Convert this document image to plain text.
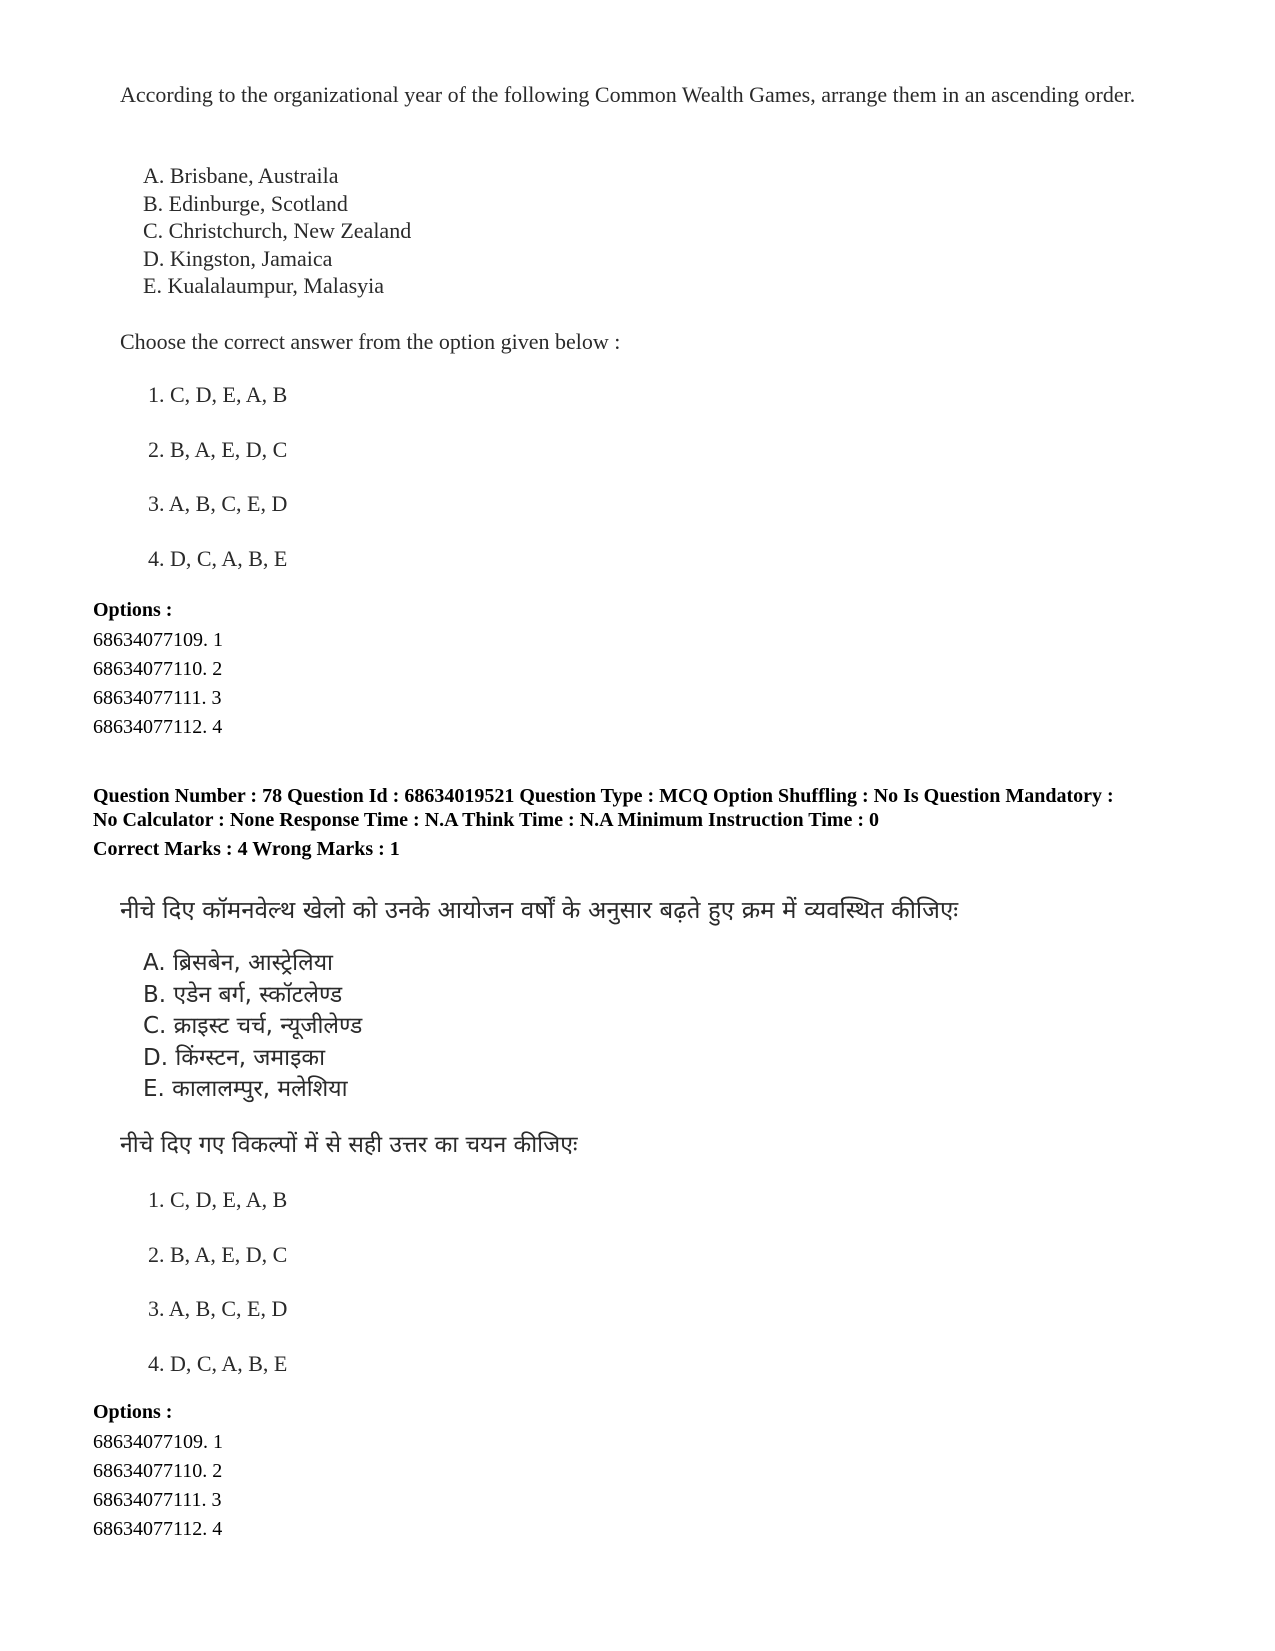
According to the organizational year of the following Common Wealth Games, arrange them in an ascending order.
A. Brisbane, Austraila
B. Edinburge, Scotland
C. Christchurch, New Zealand
D. Kingston, Jamaica
E. Kualalaumpur, Malasyia
Choose the correct answer from the option given below :
1. C, D, E, A, B
2. B, A, E, D, C
3. A, B, C, E, D
4. D, C, A, B, E
Options :
68634077109. 1
68634077110. 2
68634077111. 3
68634077112. 4
Question Number : 78 Question Id : 68634019521 Question Type : MCQ Option Shuffling : No Is Question Mandatory :
No Calculator : None Response Time : N.A Think Time : N.A Minimum Instruction Time : 0
Correct Marks : 4 Wrong Marks : 1
नीचे दिए कॉमनवेल्थ खेलो को उनके आयोजन वर्षों के अनुसार बढ़ते हुए क्रम में व्यवस्थित कीजिएः
A. ब्रिसबेन, आस्ट्रेलिया
B. एडेन बर्ग, स्कॉटलेण्ड
C. क्राइस्ट चर्च, न्यूजीलेण्ड
D. किंग्स्टन, जमाइका
E. कालालम्पुर, मलेशिया
नीचे दिए गए विकल्पों में से सही उत्तर का चयन कीजिएः
1. C, D, E, A, B
2. B, A, E, D, C
3. A, B, C, E, D
4. D, C, A, B, E
Options :
68634077109. 1
68634077110. 2
68634077111. 3
68634077112. 4
